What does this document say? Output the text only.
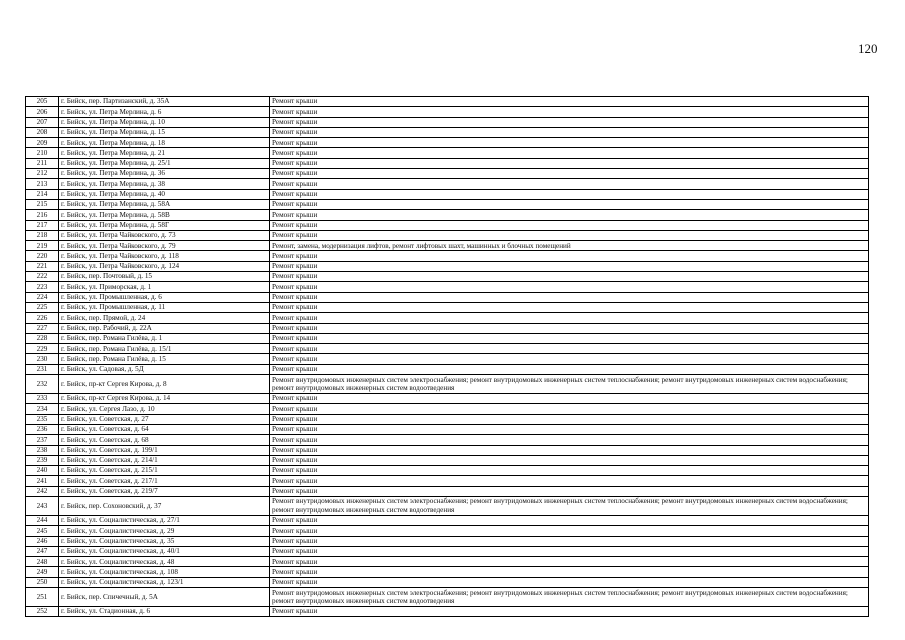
120
205	г. Бийск, пер. Партизанский, д. 35А	Ремонт крыши
206	г. Бийск, ул. Петра Мерлина, д. 6	Ремонт крыши
207	г. Бийск, ул. Петра Мерлина, д. 10	Ремонт крыши
208	г. Бийск, ул. Петра Мерлина, д. 15	Ремонт крыши
209	г. Бийск, ул. Петра Мерлина, д. 18	Ремонт крыши
210	г. Бийск, ул. Петра Мерлина, д. 21	Ремонт крыши
211	г. Бийск, ул. Петра Мерлина, д. 25/1	Ремонт крыши
212	г. Бийск, ул. Петра Мерлина, д. 36	Ремонт крыши
213	г. Бийск, ул. Петра Мерлина, д. 38	Ремонт крыши
214	г. Бийск, ул. Петра Мерлина, д. 40	Ремонт крыши
215	г. Бийск, ул. Петра Мерлина, д. 58А	Ремонт крыши
216	г. Бийск, ул. Петра Мерлина, д. 58В	Ремонт крыши
217	г. Бийск, ул. Петра Мерлина, д. 58Г	Ремонт крыши
218	г. Бийск, ул. Петра Чайковского, д. 73	Ремонт крыши
219	г. Бийск, ул. Петра Чайковского, д. 79	Ремонт, замена, модернизация лифтов, ремонт лифтовых шахт, машинных и блочных помещений
220	г. Бийск, ул. Петра Чайковского, д. 118	Ремонт крыши
221	г. Бийск, ул. Петра Чайковского, д. 124	Ремонт крыши
222	г. Бийск, пер. Почтовый, д. 15	Ремонт крыши
223	г. Бийск, ул. Приморская, д. 1	Ремонт крыши
224	г. Бийск, ул. Промышленная, д. 6	Ремонт крыши
225	г. Бийск, ул. Промышленная, д. 11	Ремонт крыши
226	г. Бийск, пер. Прямой, д. 24	Ремонт крыши
227	г. Бийск, пер. Рабочий, д. 22А	Ремонт крыши
228	г. Бийск, пер. Романа Гилёва, д. 1	Ремонт крыши
229	г. Бийск, пер. Романа Гилёва, д. 15/1	Ремонт крыши
230	г. Бийск, пер. Романа Гилёва, д. 15	Ремонт крыши
231	г. Бийск, ул. Садовая, д. 5Д	Ремонт крыши
232	г. Бийск, пр-кт Сергея Кирова, д. 8	Ремонт внутридомовых инженерных систем электроснабжения; ремонт внутридомовых инженерных систем теплоснабжения; ремонт внутридомовых инженерных систем водоснабжения; ремонт внутридомовых инженерных систем водоотведения
233	г. Бийск, пр-кт Сергея Кирова, д. 14	Ремонт крыши
234	г. Бийск, ул. Сергея Лазо, д. 10	Ремонт крыши
235	г. Бийск, ул. Советская, д. 27	Ремонт крыши
236	г. Бийск, ул. Советская, д. 64	Ремонт крыши
237	г. Бийск, ул. Советская, д. 68	Ремонт крыши
238	г. Бийск, ул. Советская, д. 199/1	Ремонт крыши
239	г. Бийск, ул. Советская, д. 214/1	Ремонт крыши
240	г. Бийск, ул. Советская, д. 215/1	Ремонт крыши
241	г. Бийск, ул. Советская, д. 217/1	Ремонт крыши
242	г. Бийск, ул. Советская, д. 219/7	Ремонт крыши
243	г. Бийск, пер. Сохоновский, д. 37	Ремонт внутридомовых инженерных систем электроснабжения; ремонт внутридомовых инженерных систем теплоснабжения; ремонт внутридомовых инженерных систем водоснабжения; ремонт внутридомовых инженерных систем водоотведения
244	г. Бийск, ул. Социалистическая, д. 27/1	Ремонт крыши
245	г. Бийск, ул. Социалистическая, д. 29	Ремонт крыши
246	г. Бийск, ул. Социалистическая, д. 35	Ремонт крыши
247	г. Бийск, ул. Социалистическая, д. 40/1	Ремонт крыши
248	г. Бийск, ул. Социалистическая, д. 48	Ремонт крыши
249	г. Бийск, ул. Социалистическая, д. 108	Ремонт крыши
250	г. Бийск, ул. Социалистическая, д. 123/1	Ремонт крыши
251	г. Бийск, пер. Спичечный, д. 5А	Ремонт внутридомовых инженерных систем электроснабжения; ремонт внутридомовых инженерных систем теплоснабжения; ремонт внутридомовых инженерных систем водоснабжения; ремонт внутридомовых инженерных систем водоотведения
252	г. Бийск, ул. Стадионная, д. 6	Ремонт крыши
